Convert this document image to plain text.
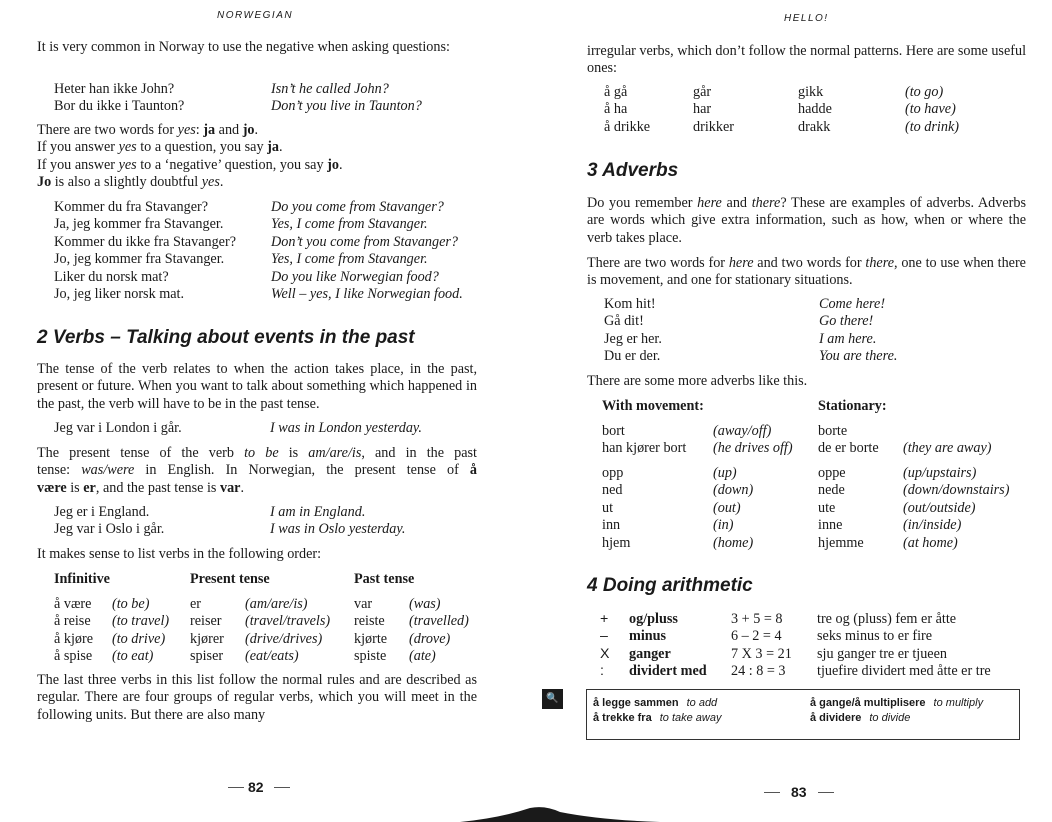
NORWEGIAN
It is very common in Norway to use the negative when asking questions:
Heter han ikke John?	Isn’t he called John?
Bor du ikke i Taunton?	Don’t you live in Taunton?
There are two words for yes: ja and jo.
If you answer yes to a question, you say ja.
If you answer yes to a ‘negative’ question, you say jo.
Jo is also a slightly doubtful yes.
Kommer du fra Stavanger?	Do you come from Stavanger?
Ja, jeg kommer fra Stavanger.	Yes, I come from Stavanger.
Kommer du ikke fra Stavanger?	Don’t you come from Stavanger?
Jo, jeg kommer fra Stavanger.	Yes, I come from Stavanger.
Liker du norsk mat?	Do you like Norwegian food?
Jo, jeg liker norsk mat.	Well – yes, I like Norwegian food.
2 Verbs – Talking about events in the past
The tense of the verb relates to when the action takes place, in the past, present or future. When you want to talk about something which happened in the past, the verb will have to be in the past tense.
Jeg var i London i går.	I was in London yesterday.
The present tense of the verb to be is am/are/is, and in the past
tense: was/were in English. In Norwegian, the present tense of å
være is er, and the past tense is var.
Jeg er i England.	I am in England.
Jeg var i Oslo i går.	I was in Oslo yesterday.
It makes sense to list verbs in the following order:
Infinitive	Present tense	Past tense
å være	(to be)	er	(am/are/is)	var	(was)
å reise	(to travel)	reiser	(travel/travels)	reiste	(travelled)
å kjøre	(to drive)	kjører	(drive/drives)	kjørte	(drove)
å spise	(to eat)	spiser	(eat/eats)	spiste	(ate)
The last three verbs in this list follow the normal rules and are described as regular. There are four groups of regular verbs, which you will meet in the following units. But there are also many
82
HELLO!
irregular verbs, which don’t follow the normal patterns. Here are some useful ones:
å gå	går	gikk	(to go)
å ha	har	hadde	(to have)
å drikke	drikker	drakk	(to drink)
3 Adverbs
Do you remember here and there? These are examples of adverbs. Adverbs are words which give extra information, such as how, when or where the verb takes place.
There are two words for here and two words for there, one to use when there is movement, and one for stationary situations.
Kom hit!	Come here!
Gå dit!	Go there!
Jeg er her.	I am here.
Du er der.	You are there.
There are some more adverbs like this.
With movement:	Stationary:
bort	(away/off)	borte
han kjører bort	(he drives off)	de er borte	(they are away)
opp	(up)	oppe	(up/upstairs)
ned	(down)	nede	(down/downstairs)
ut	(out)	ute	(out/outside)
inn	(in)	inne	(in/inside)
hjem	(home)	hjemme	(at home)
4 Doing arithmetic
+	og/pluss	3 + 5 = 8	tre og (pluss) fem er åtte
–	minus	6 – 2 = 4	seks minus to er fire
X	ganger	7 X 3 = 21	sju ganger tre er tjueen
:	dividert med	24 : 8 = 3	tjuefire dividert med åtte er tre
🔍	å legge sammen to add
å trekke fra to take away
å gange/å multiplisere to multiply
å dividere to divide
83
